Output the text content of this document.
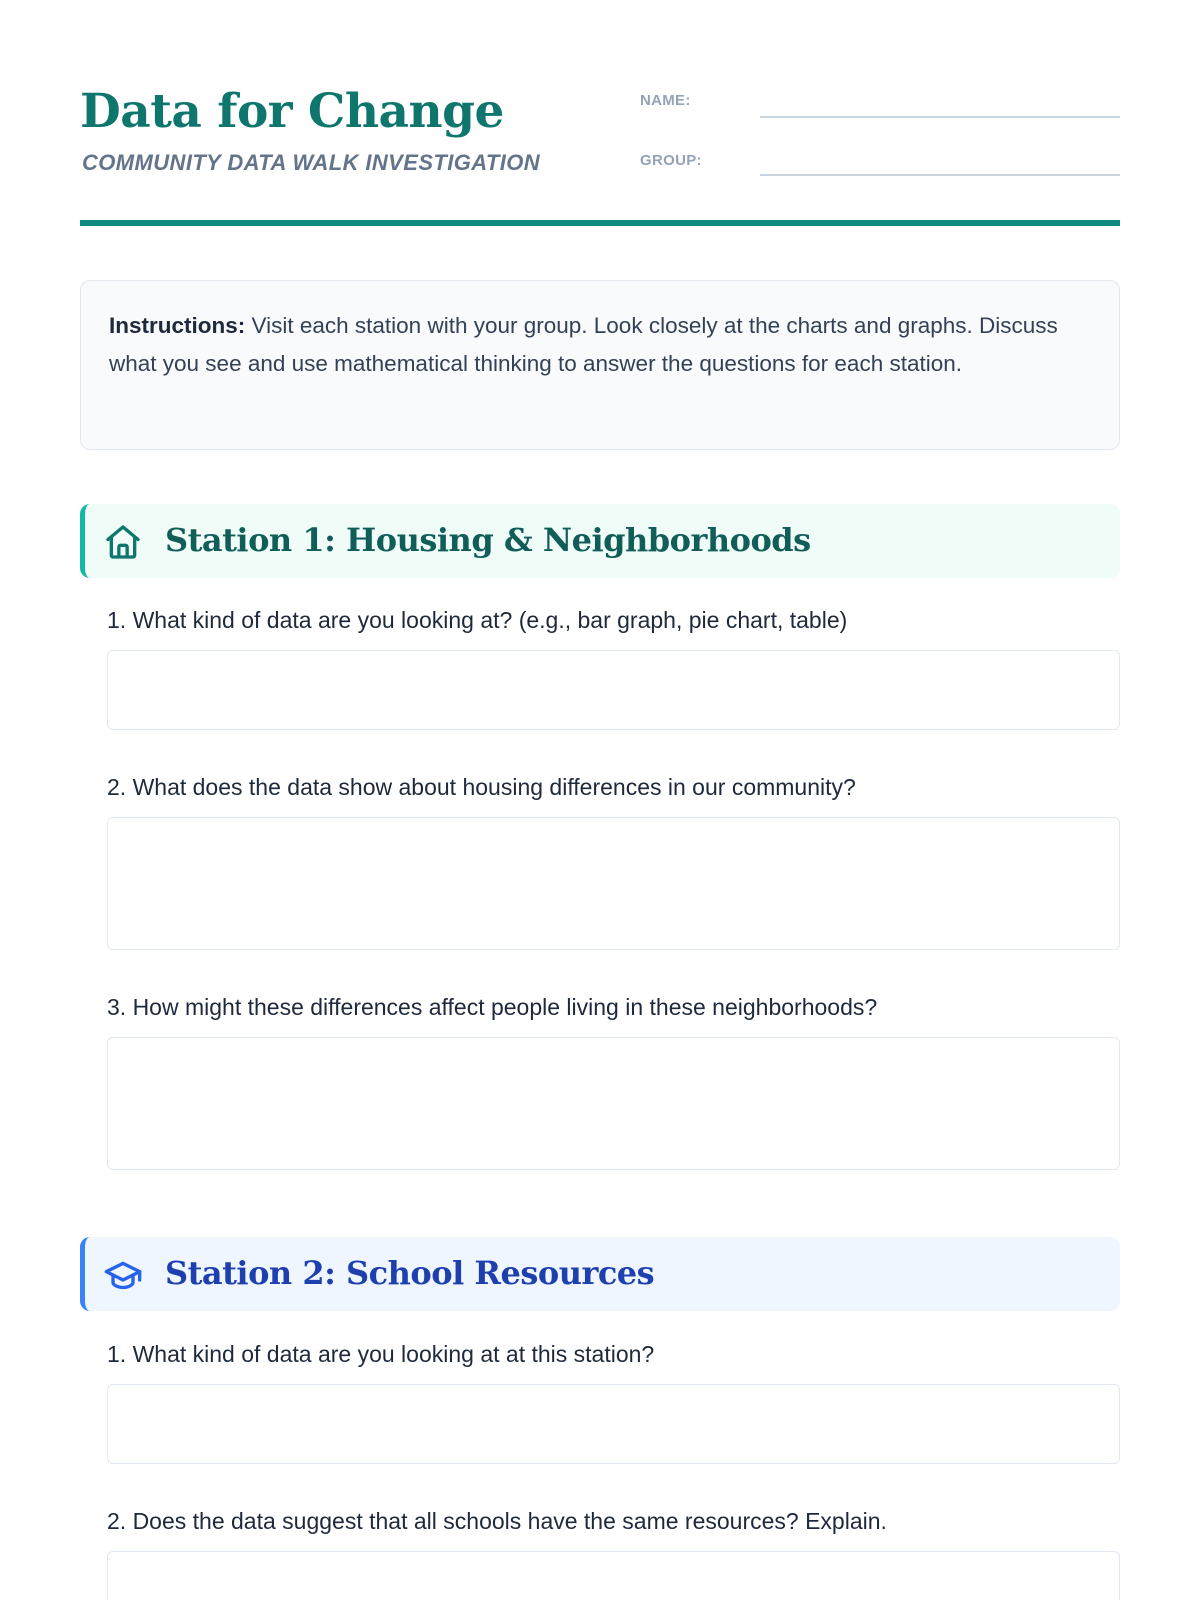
Data for Change
COMMUNITY DATA WALK INVESTIGATION
NAME:
GROUP:
Instructions: Visit each station with your group. Look closely at the charts and graphs. Discuss what you see and use mathematical thinking to answer the questions for each station.
Station 1: Housing & Neighborhoods
1. What kind of data are you looking at? (e.g., bar graph, pie chart, table)
2. What does the data show about housing differences in our community?
3. How might these differences affect people living in these neighborhoods?
Station 2: School Resources
1. What kind of data are you looking at at this station?
2. Does the data suggest that all schools have the same resources? Explain.
